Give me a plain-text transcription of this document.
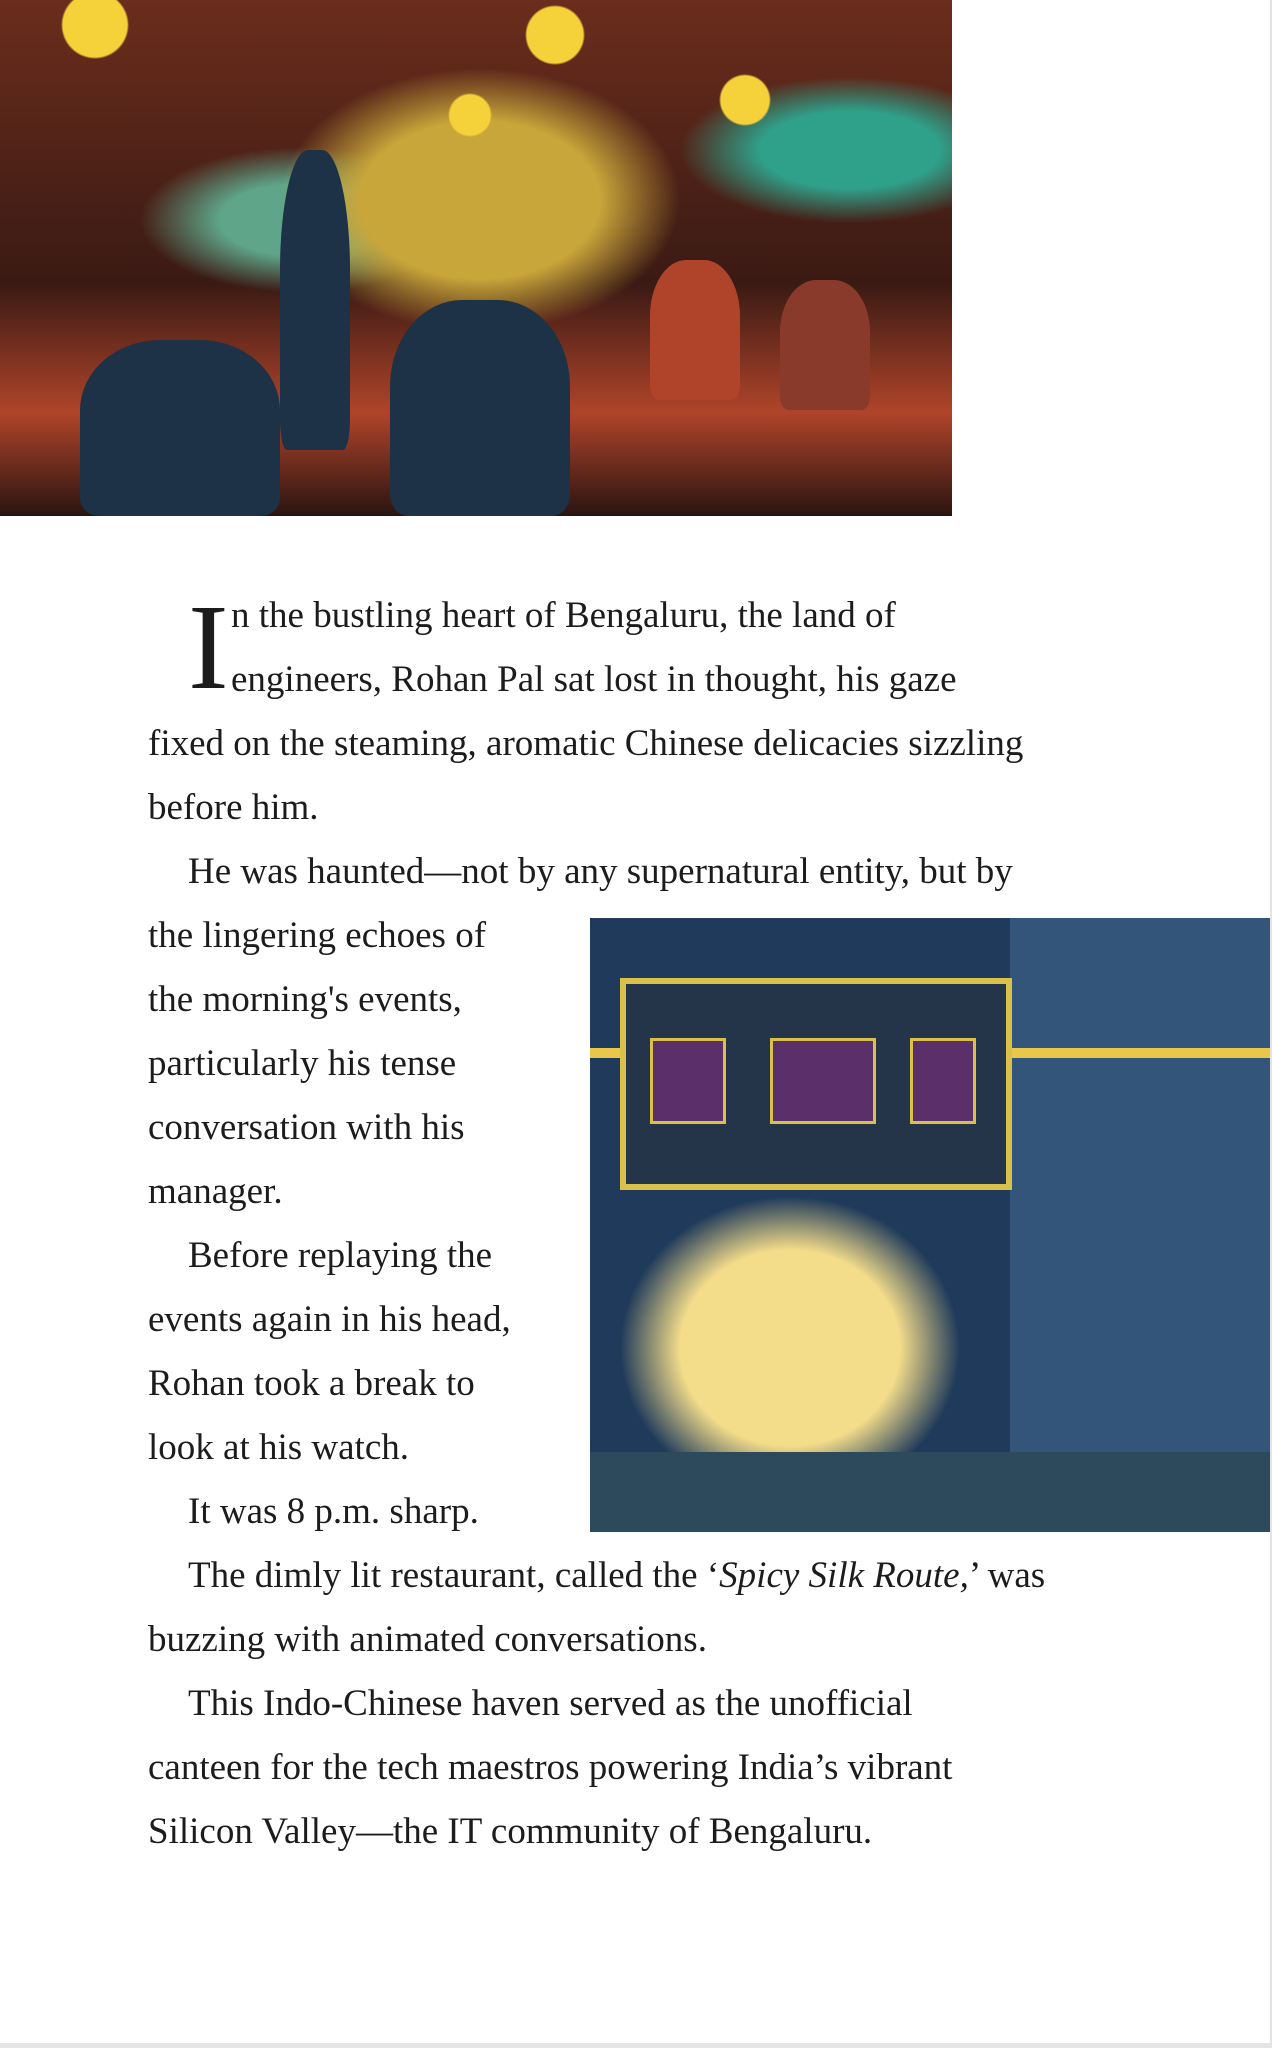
I n the bustling heart of Bengaluru, the land of
engineers, Rohan Pal sat lost in thought, his gaze
fixed on the steaming, aromatic Chinese delicacies sizzling
before him.
He was haunted—not by any supernatural entity, but by
the lingering echoes of
the morning's events,
particularly his tense
conversation with his
manager.
Before replaying the
events again in his head,
Rohan took a break to
look at his watch.
It was 8 p.m. sharp.
The dimly lit restaurant, called the ‘Spicy Silk Route,’ was
buzzing with animated conversations.
This Indo-Chinese haven served as the unofficial
canteen for the tech maestros powering India’s vibrant
Silicon Valley—the IT community of Bengaluru.
